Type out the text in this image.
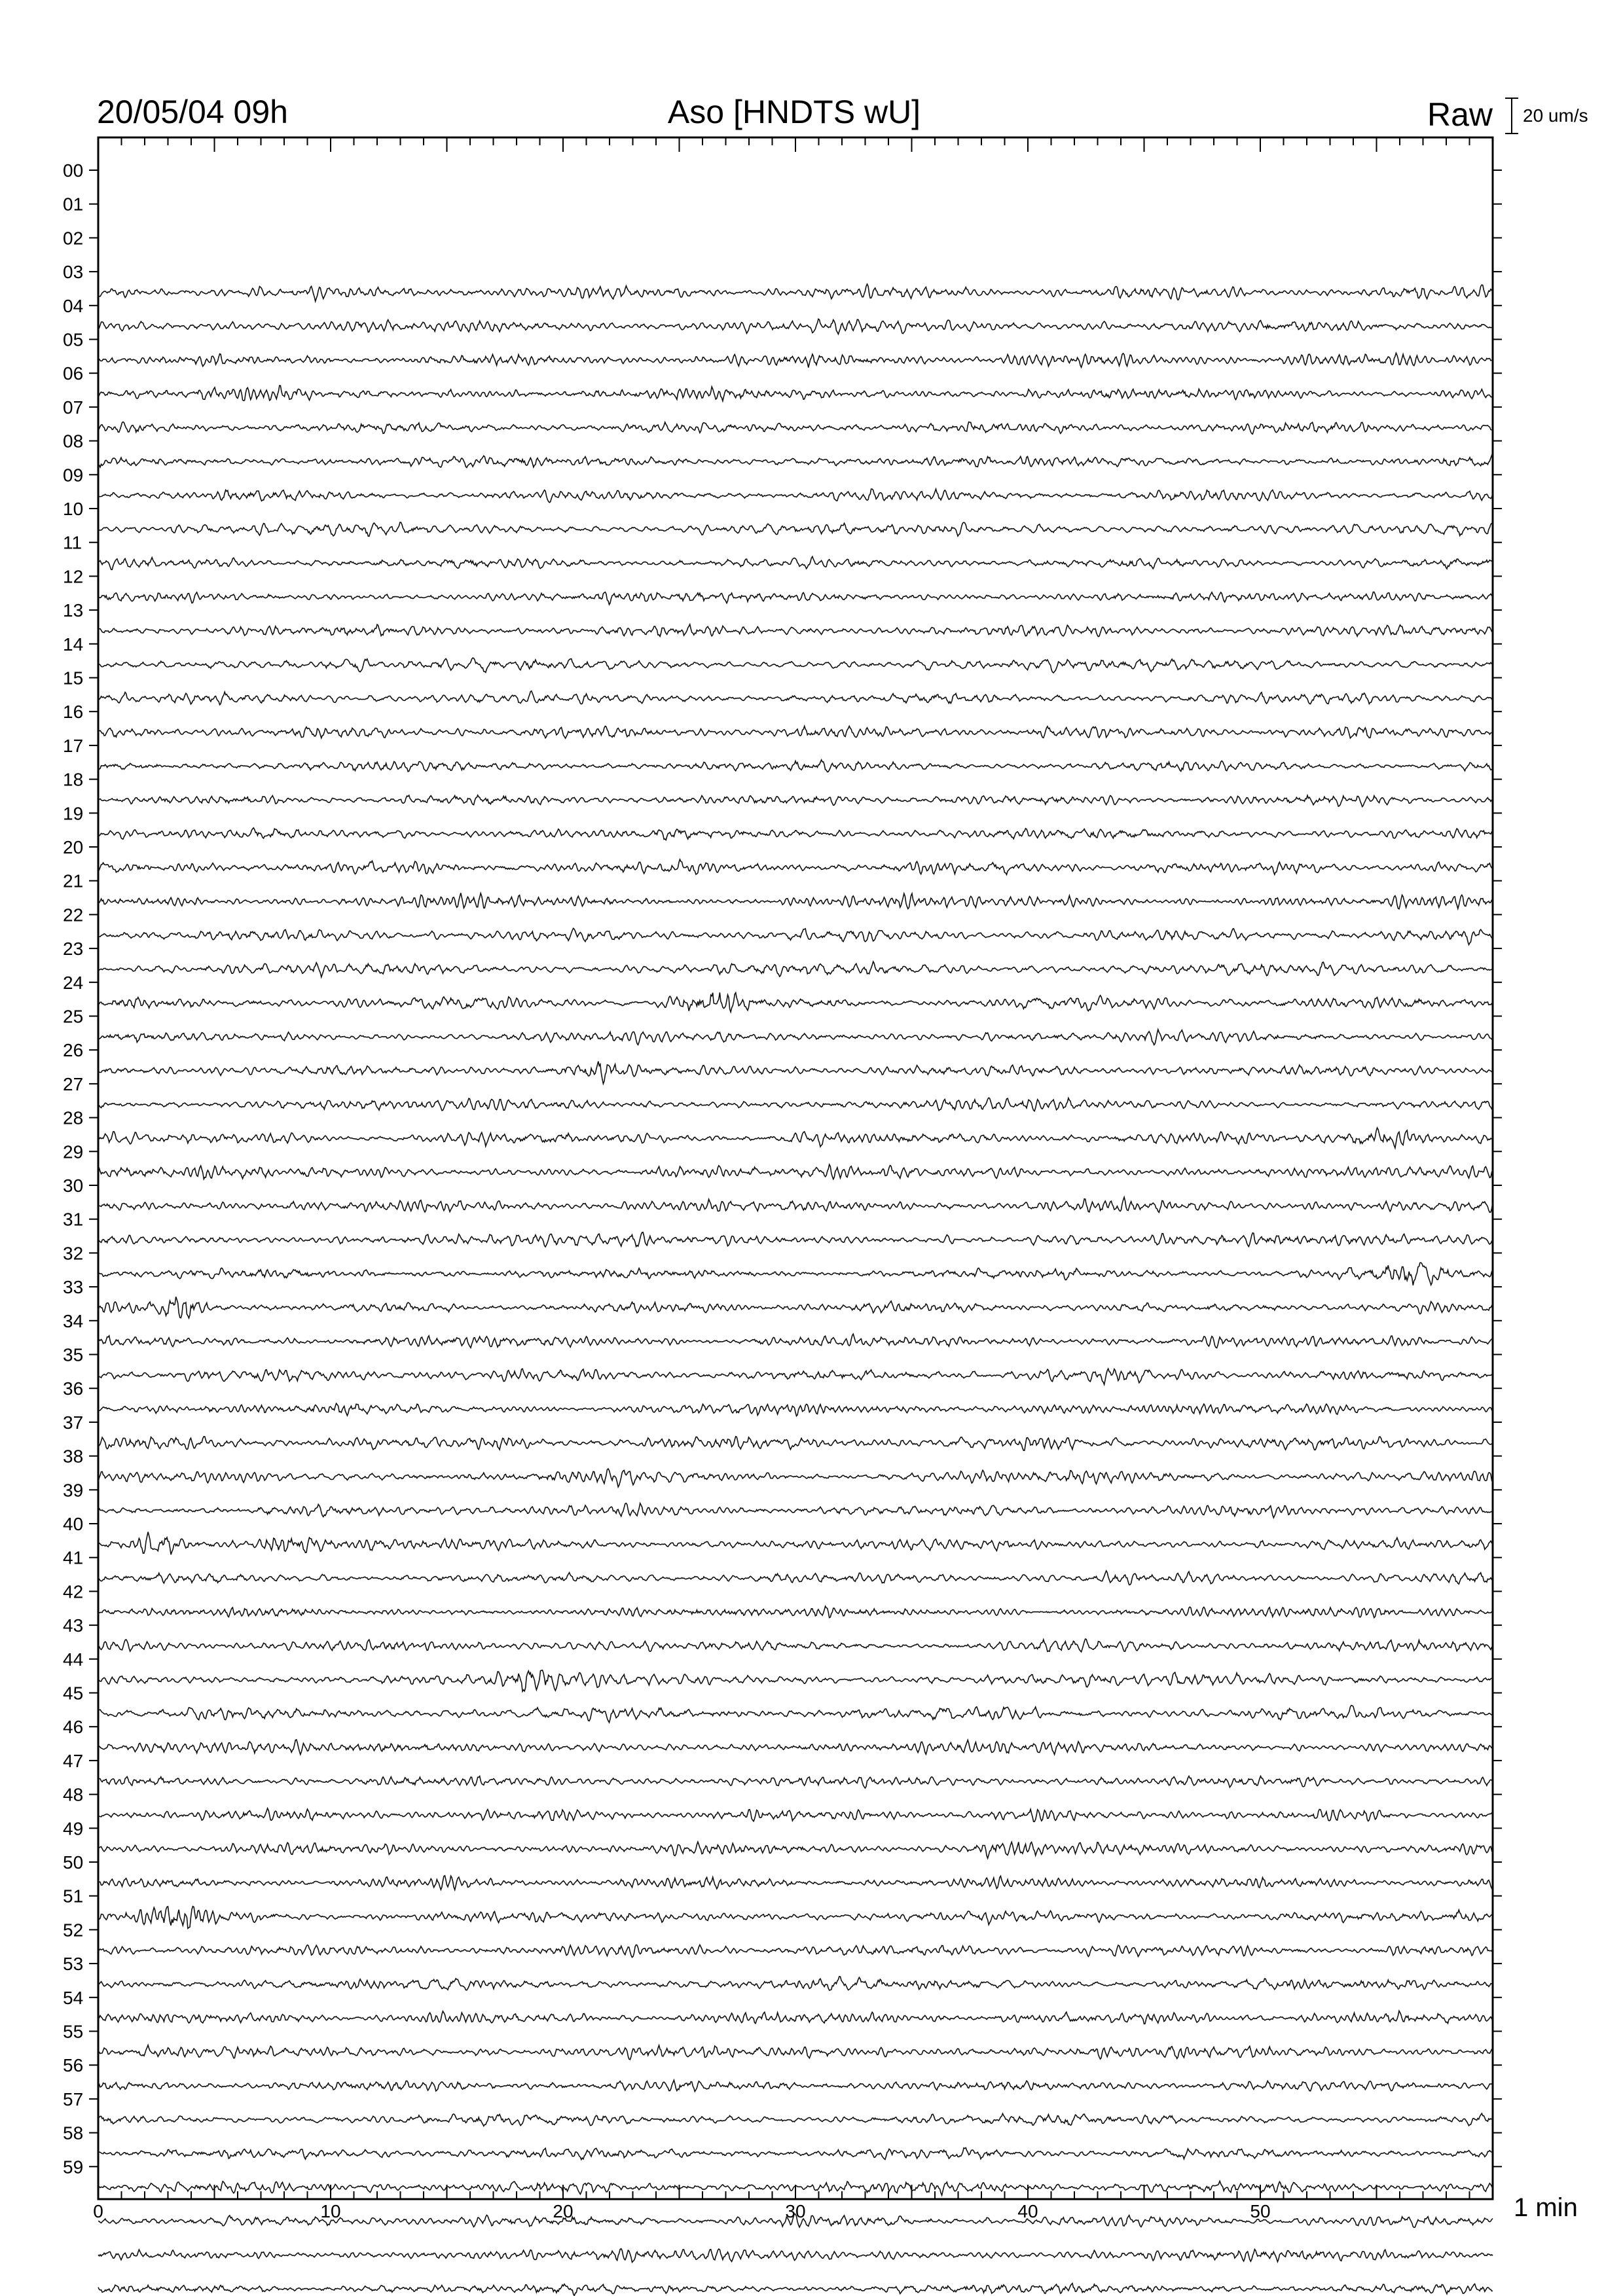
20/05/04 09h	Aso [HNDTS wU]	Raw 20 um/s
0	10	20	30	40	50
00
01
02
03
04
05
06
07
08
09
10
11
12
13
14
15
16
17
18
19
20
21
22
23
24
25
26
27
28
29
30
31
32
33
34
35
36
37
38
39
40
41
42
43
44
45
46
47
48
49
50
51
52
53
54
55
56
57
58
59
1 min
